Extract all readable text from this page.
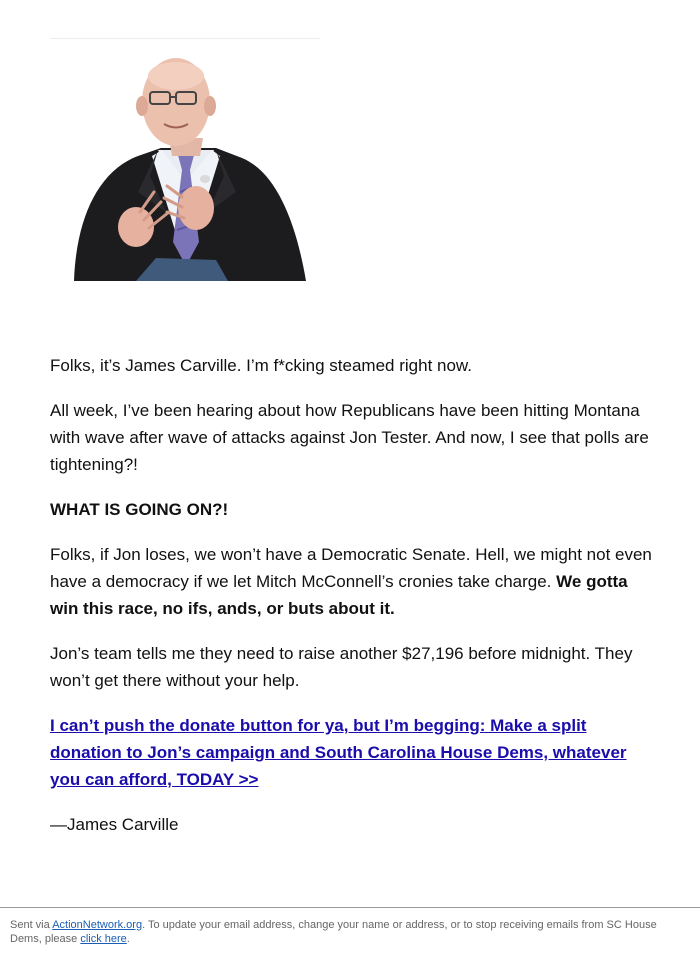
Folks, it’s James Carville. I’m f*cking steamed right now.

All week, I’ve been hearing about how Republicans have been hitting Montana with wave after wave of attacks against Jon Tester. And now, I see that polls are tightening?!

WHAT IS GOING ON?!

Folks, if Jon loses, we won’t have a Democratic Senate. Hell, we might not even have a democracy if we let Mitch McConnell’s cronies take charge. We gotta win this race, no ifs, ands, or buts about it.

Jon’s team tells me they need to raise another $27,196 before midnight. They won’t get there without your help.

I can’t push the donate button for ya, but I’m begging: Make a split donation to Jon’s campaign and South Carolina House Dems, whatever you can afford, TODAY >>

—James Carville

Sent via ActionNetwork.org. To update your email address, change your name or address, or to stop receiving emails from SC House Dems, please click here.
